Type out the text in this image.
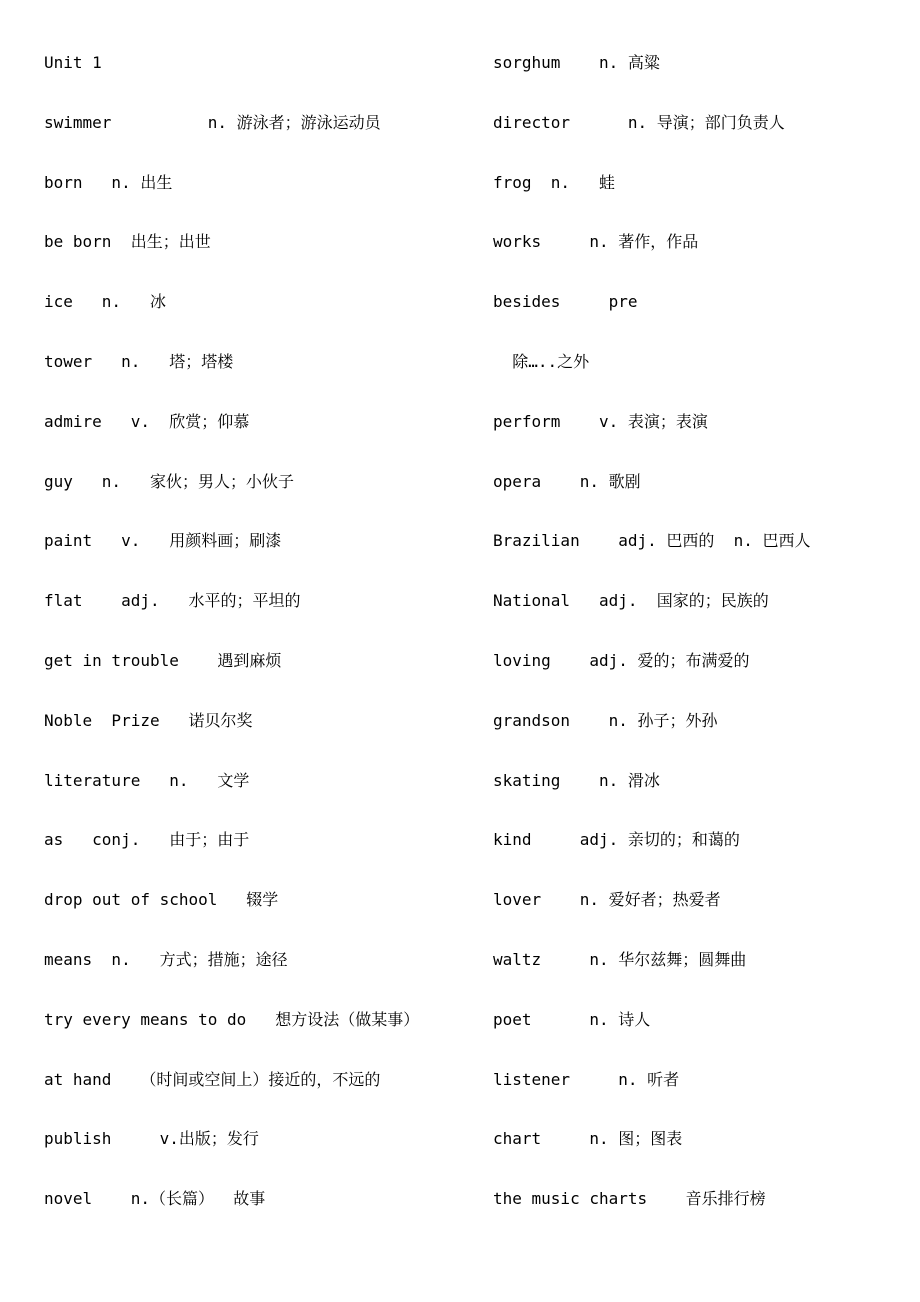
Unit 1
swimmer          n. 游泳者；游泳运动员
born   n. 出生
be born  出生；出世
ice   n.   冰
tower   n.   塔；塔楼
admire   v.  欣赏；仰慕
guy   n.   家伙；男人；小伙子
paint   v.   用颜料画；刷漆
flat    adj.   水平的；平坦的
get in trouble    遇到麻烦
Noble  Prize   诺贝尔奖
literature   n.   文学
as   conj.   由于；由于
drop out of school   辍学
means  n.   方式；措施；途径
try every means to do   想方设法（做某事）
at hand   （时间或空间上）接近的，不远的
publish     v.出版；发行
novel    n.（长篇）  故事
sorghum    n. 高粱
director      n. 导演；部门负责人
frog  n.   蛙
works     n. 著作，作品
besides     pre
除…..之外
perform    v. 表演；表演
opera    n. 歌剧
Brazilian    adj. 巴西的  n. 巴西人
National   adj.  国家的；民族的
loving    adj. 爱的；布满爱的
grandson    n. 孙子；外孙
skating    n. 滑冰
kind     adj. 亲切的；和蔼的
lover    n. 爱好者；热爱者
waltz     n. 华尔兹舞；圆舞曲
poet      n. 诗人
listener     n. 听者
chart     n. 图；图表
the music charts    音乐排行榜
